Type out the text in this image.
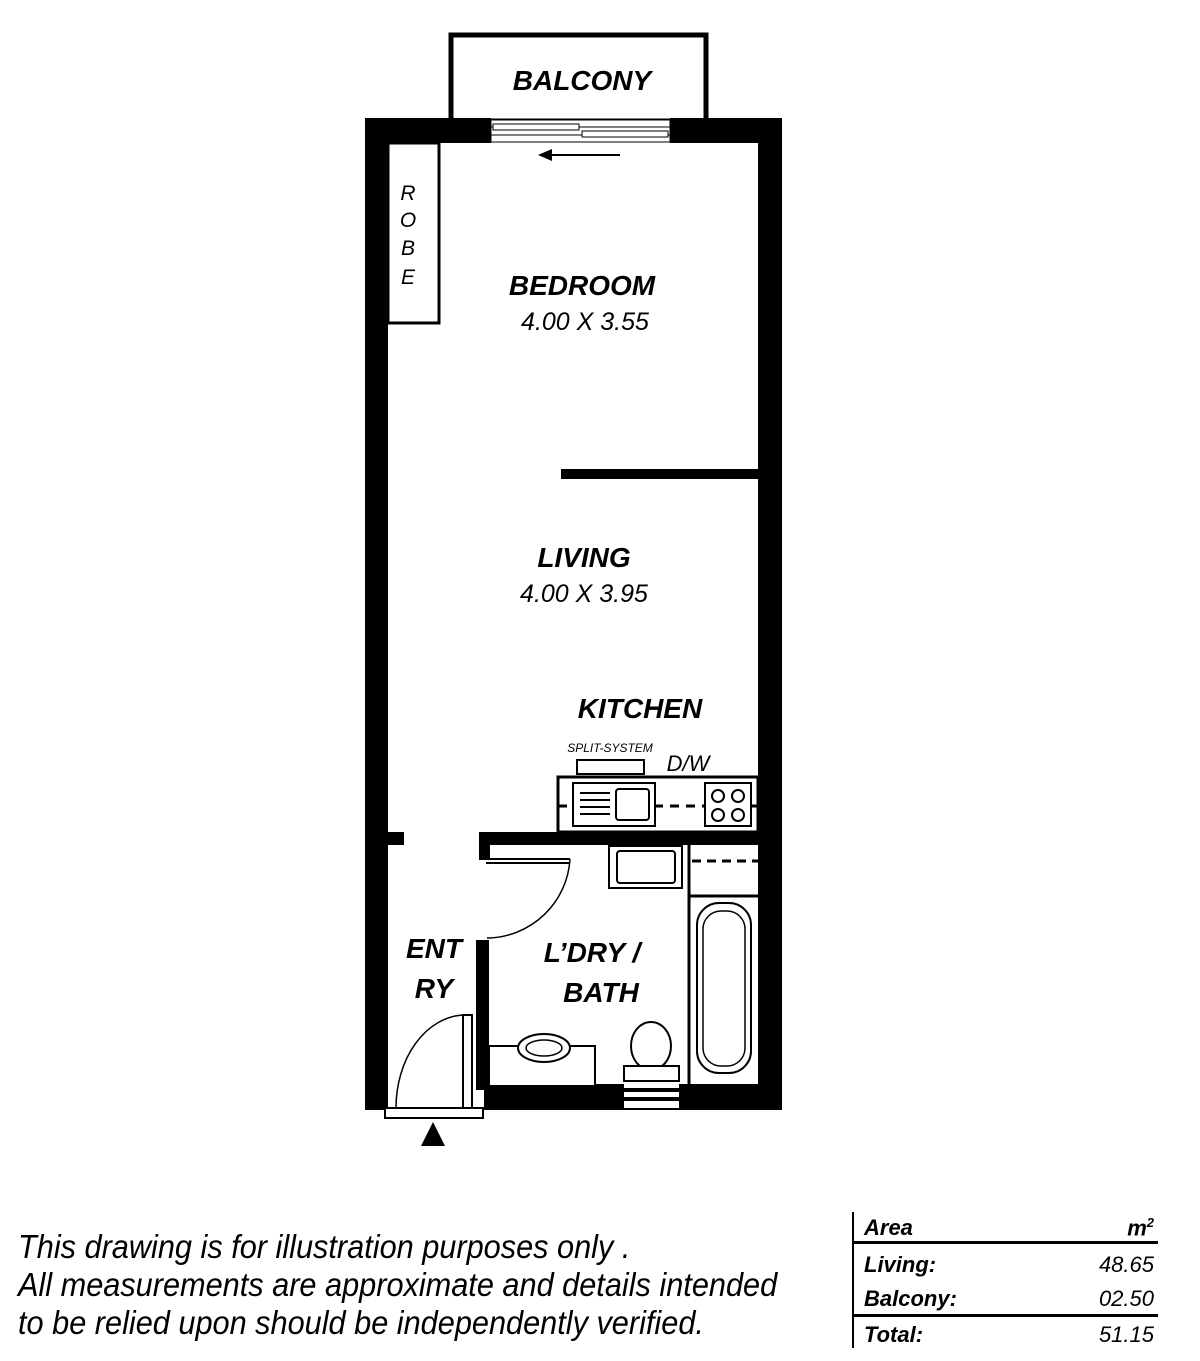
BALCONY
R
O
B
E	BEDROOM
4.00 X 3.55
LIVING
4.00 X 3.95
KITCHEN
SPLIT-SYSTEM
D/W
ENT
RY
L’DRY /
BATH

This drawing is for illustration purposes only .
All measurements are approximate and details intended
to be relied upon should be independently verified.

Area	$m^2$
Living:	48.65
Balcony:	02.50
Total:	51.15
